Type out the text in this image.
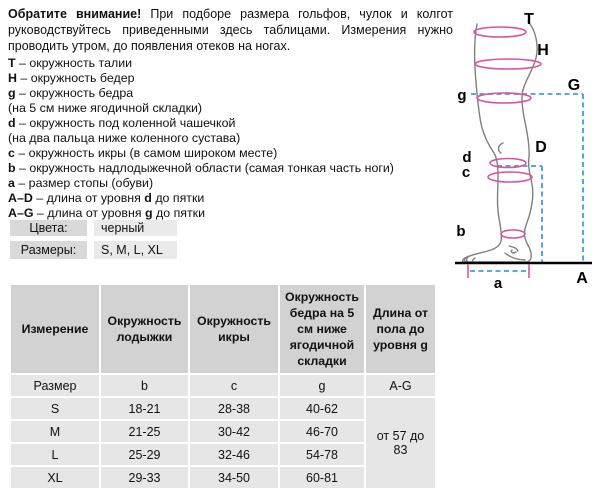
Обратите внимание! При подборе размера гольфов, чулок и колгот
руководствуйтесь приведенными здесь таблицами. Измерения нужно
проводить утром, до появления отеков на ногах.
T – окружность талии
H – окружность бедер
g – окружность бедра
(на 5 см ниже ягодичной складки)
d – окружность под коленной чашечкой
(на два пальца ниже коленного сустава)
c – окружность икры (в самом широком месте)
b – окружность надлодыжечной области (самая тонкая часть ноги)
a – размер стопы (обуви)
A–D – длина от уровня d до пятки
A–G – длина от уровня g до пятки
Цвета:	черный
Размеры:	S, M, L, XL
Измерение	Окружность лодыжки	Окружность икры	Окружность бедра на 5 см ниже ягодичной складки	Длина от пола до уровня g
Размер	b	c	g	A-G
S	18-21	28-38	40-62	от 57 до 83
M	21-25	30-42	46-70	
L	25-29	32-46	54-78	
XL	29-33	34-50	60-81	
T
H
G
g
D
d
c
b
A
a
